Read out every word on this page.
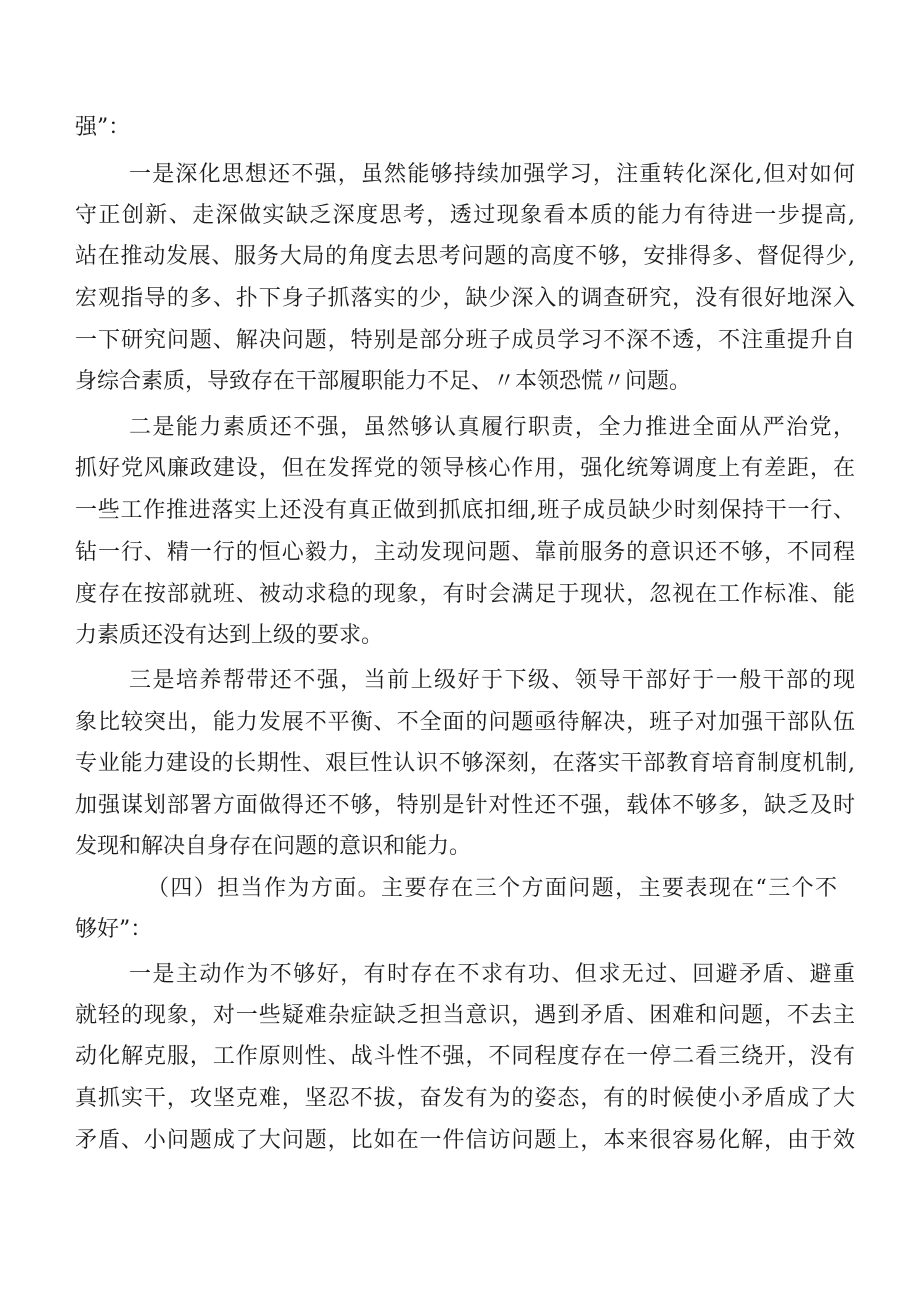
强”：
一是深化思想还不强，虽然能够持续加强学习，注重转化深化,但对如何
守正创新、走深做实缺乏深度思考，透过现象看本质的能力有待进一步提高,
站在推动发展、服务大局的角度去思考问题的高度不够，安排得多、督促得少,
宏观指导的多、扑下身子抓落实的少，缺少深入的调查研究，没有很好地深入
一下研究问题、解决问题，特别是部分班子成员学习不深不透，不注重提升自
身综合素质，导致存在干部履职能力不足、〃本领恐慌〃问题。
二是能力素质还不强，虽然够认真履行职责，全力推进全面从严治党，
抓好党风廉政建设，但在发挥党的领导核心作用，强化统筹调度上有差距，在
一些工作推进落实上还没有真正做到抓底扣细,班子成员缺少时刻保持干一行、
钻一行、精一行的恒心毅力，主动发现问题、靠前服务的意识还不够，不同程
度存在按部就班、被动求稳的现象，有时会满足于现状，忽视在工作标准、能
力素质还没有达到上级的要求。
三是培养帮带还不强，当前上级好于下级、领导干部好于一般干部的现
象比较突出，能力发展不平衡、不全面的问题亟待解决，班子对加强干部队伍
专业能力建设的长期性、艰巨性认识不够深刻，在落实干部教育培育制度机制,
加强谋划部署方面做得还不够，特别是针对性还不强，载体不够多，缺乏及时
发现和解决自身存在问题的意识和能力。
（四）担当作为方面。主要存在三个方面问题，主要表现在“三个不
够好”：
一是主动作为不够好，有时存在不求有功、但求无过、回避矛盾、避重
就轻的现象，对一些疑难杂症缺乏担当意识，遇到矛盾、困难和问题，不去主
动化解克服，工作原则性、战斗性不强，不同程度存在一停二看三绕开，没有
真抓实干，攻坚克难，坚忍不拔，奋发有为的姿态，有的时候使小矛盾成了大
矛盾、小问题成了大问题，比如在一件信访问题上，本来很容易化解，由于效
